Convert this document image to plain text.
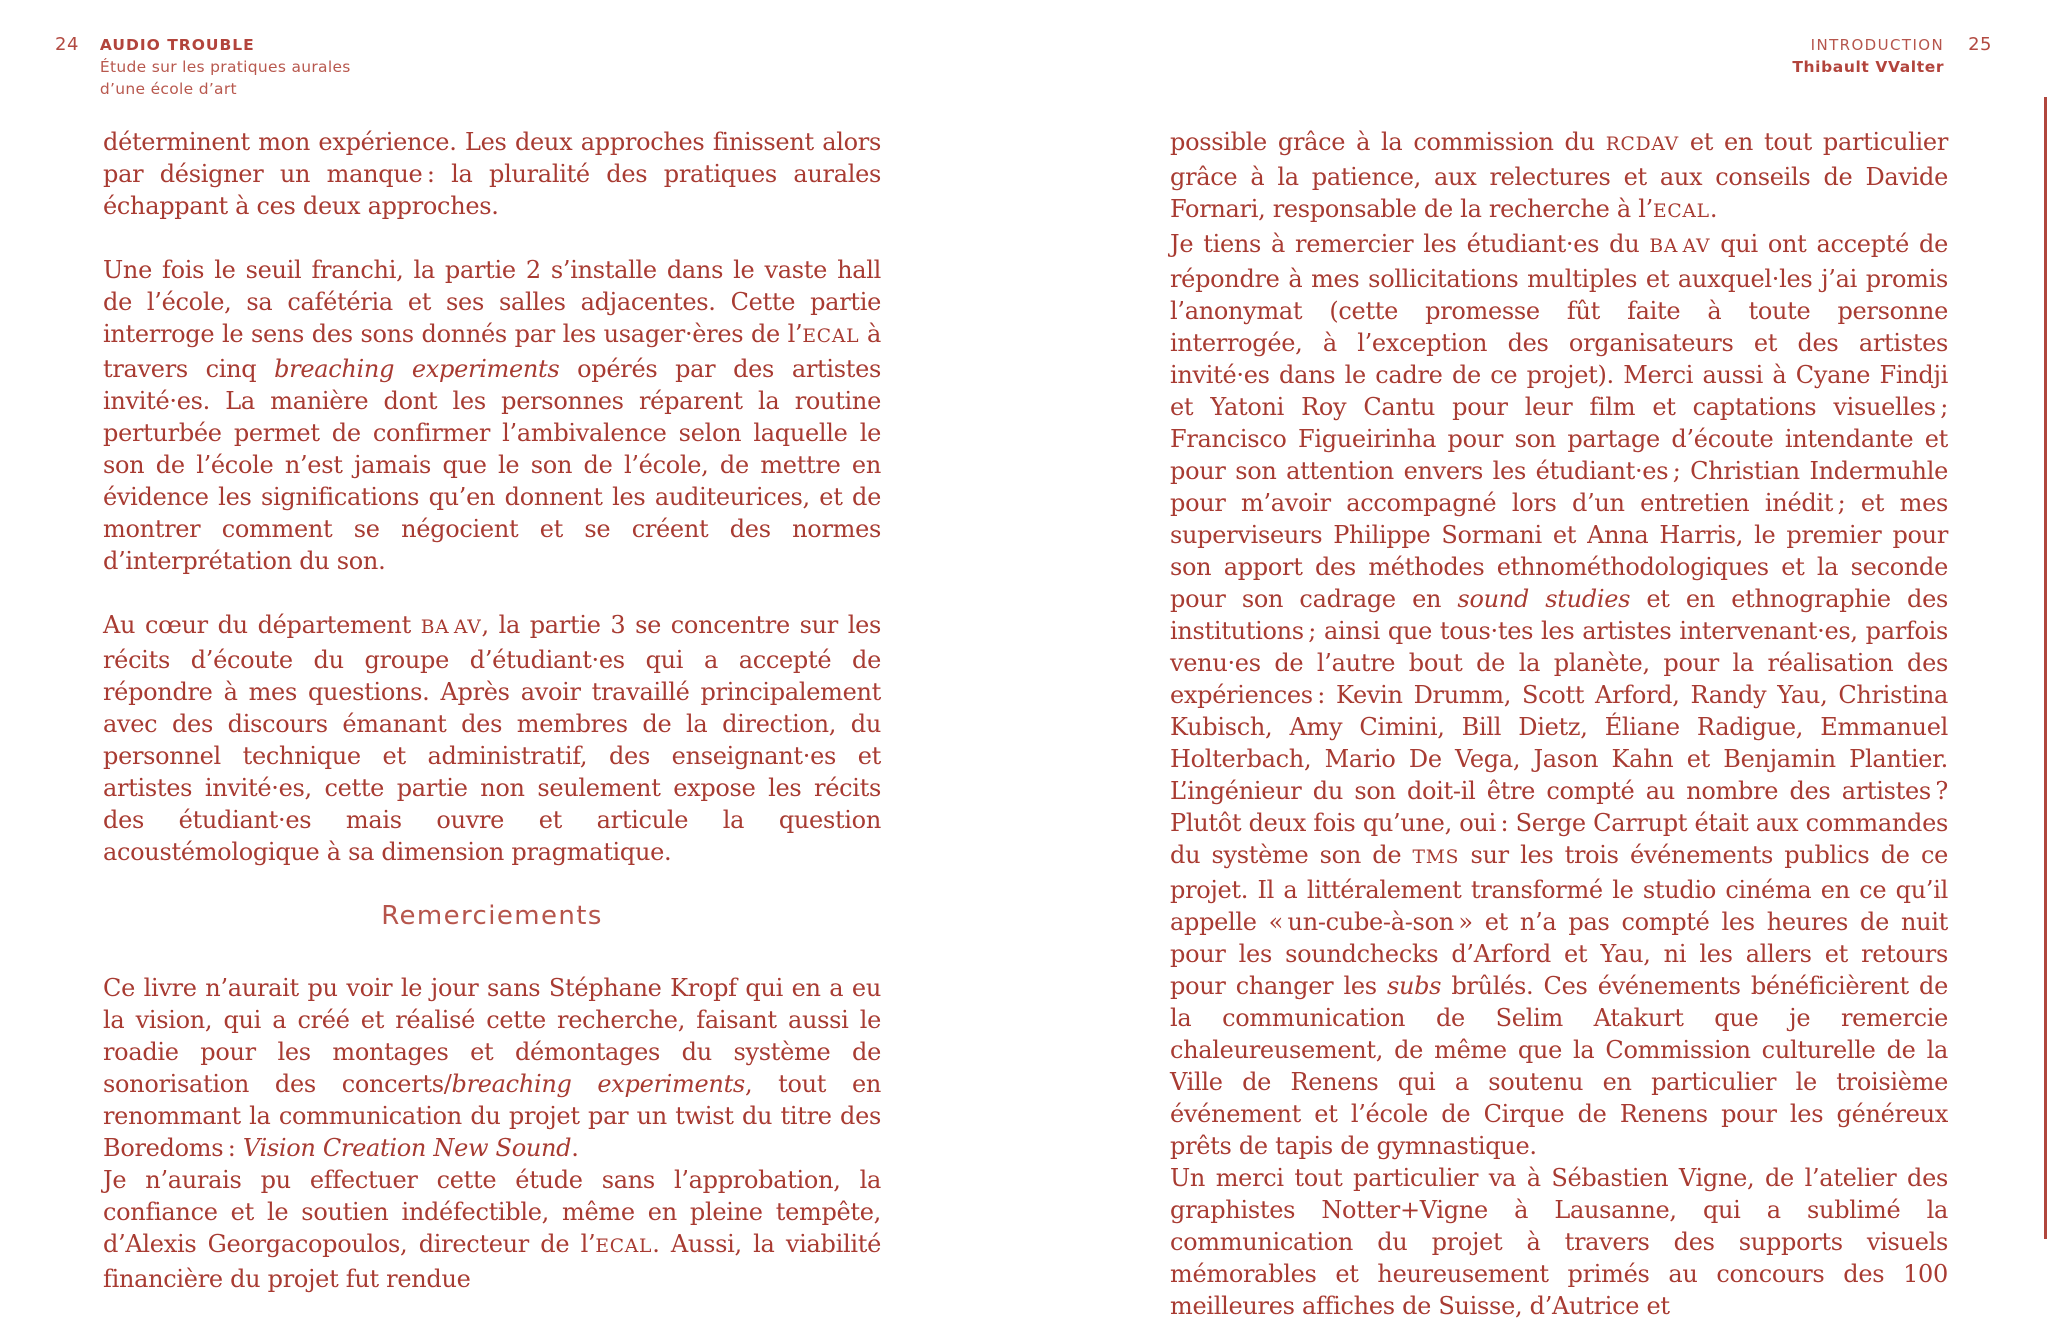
24 AUDIO TROUBLE
Étude sur les pratiques aurales
d’une école d’art
INTRODUCTION
Thibault VValter
25

déterminent mon expérience. Les deux approches finissent alors par désigner un manque : la pluralité des pratiques aurales échappant à ces deux approches.

Une fois le seuil franchi, la partie 2 s’installe dans le vaste hall de l’école, sa cafétéria et ses salles adjacentes. Cette partie interroge le sens des sons donnés par les usager·ères de l’ECAL à travers cinq breaching experiments opérés par des artistes invité·es. La manière dont les personnes réparent la routine perturbée permet de confirmer l’ambivalence selon laquelle le son de l’école n’est jamais que le son de l’école, de mettre en évidence les significations qu’en donnent les auditeurices, et de montrer comment se négocient et se créent des normes d’interprétation du son.

Au cœur du département BA AV, la partie 3 se concentre sur les récits d’écoute du groupe d’étudiant·es qui a accepté de répondre à mes questions. Après avoir travaillé principalement avec des discours émanant des membres de la direction, du personnel technique et administratif, des enseignant·es et artistes invité·es, cette partie non seulement expose les récits des étudiant·es mais ouvre et articule la question acoustémologique à sa dimension pragmatique.

Remerciements

Ce livre n’aurait pu voir le jour sans Stéphane Kropf qui en a eu la vision, qui a créé et réalisé cette recherche, faisant aussi le roadie pour les montages et démontages du système de sonorisation des concerts/breaching experiments, tout en renommant la communication du projet par un twist du titre des Boredoms : Vision Creation New Sound.

Je n’aurais pu effectuer cette étude sans l’approbation, la confiance et le soutien indéfectible, même en pleine tempête, d’Alexis Georgacopoulos, directeur de l’ECAL. Aussi, la viabilité financière du projet fut rendue

possible grâce à la commission du RCDAV et en tout particulier grâce à la patience, aux relectures et aux conseils de Davide Fornari, responsable de la recherche à l’ECAL.

Je tiens à remercier les étudiant·es du BA AV qui ont accepté de répondre à mes sollicitations multiples et auxquel·les j’ai promis l’anonymat (cette promesse fût faite à toute personne interrogée, à l’exception des organisateurs et des artistes invité·es dans le cadre de ce projet). Merci aussi à Cyane Findji et Yatoni Roy Cantu pour leur film et captations visuelles ; Francisco Figueirinha pour son partage d’écoute intendante et pour son attention envers les étudiant·es ; Christian Indermuhle pour m’avoir accompagné lors d’un entretien inédit ; et mes superviseurs Philippe Sormani et Anna Harris, le premier pour son apport des méthodes ethnométhodologiques et la seconde pour son cadrage en sound studies et en ethnographie des institutions ; ainsi que tous·tes les artistes intervenant·es, parfois venu·es de l’autre bout de la planète, pour la réalisation des expériences : Kevin Drumm, Scott Arford, Randy Yau, Christina Kubisch, Amy Cimini, Bill Dietz, Éliane Radigue, Emmanuel Holterbach, Mario De Vega, Jason Kahn et Benjamin Plantier. L’ingénieur du son doit-il être compté au nombre des artistes ? Plutôt deux fois qu’une, oui : Serge Carrupt était aux commandes du système son de TMS sur les trois événements publics de ce projet. Il a littéralement transformé le studio cinéma en ce qu’il appelle « un-cube-à-son » et n’a pas compté les heures de nuit pour les soundchecks d’Arford et Yau, ni les allers et retours pour changer les subs brûlés. Ces événements bénéficièrent de la communication de Selim Atakurt que je remercie chaleureusement, de même que la Commission culturelle de la Ville de Renens qui a soutenu en particulier le troisième événement et l’école de Cirque de Renens pour les généreux prêts de tapis de gymnastique.

Un merci tout particulier va à Sébastien Vigne, de l’atelier des graphistes Notter+Vigne à Lausanne, qui a sublimé la communication du projet à travers des supports visuels mémorables et heureusement primés au concours des 100 meilleures affiches de Suisse, d’Autrice et
